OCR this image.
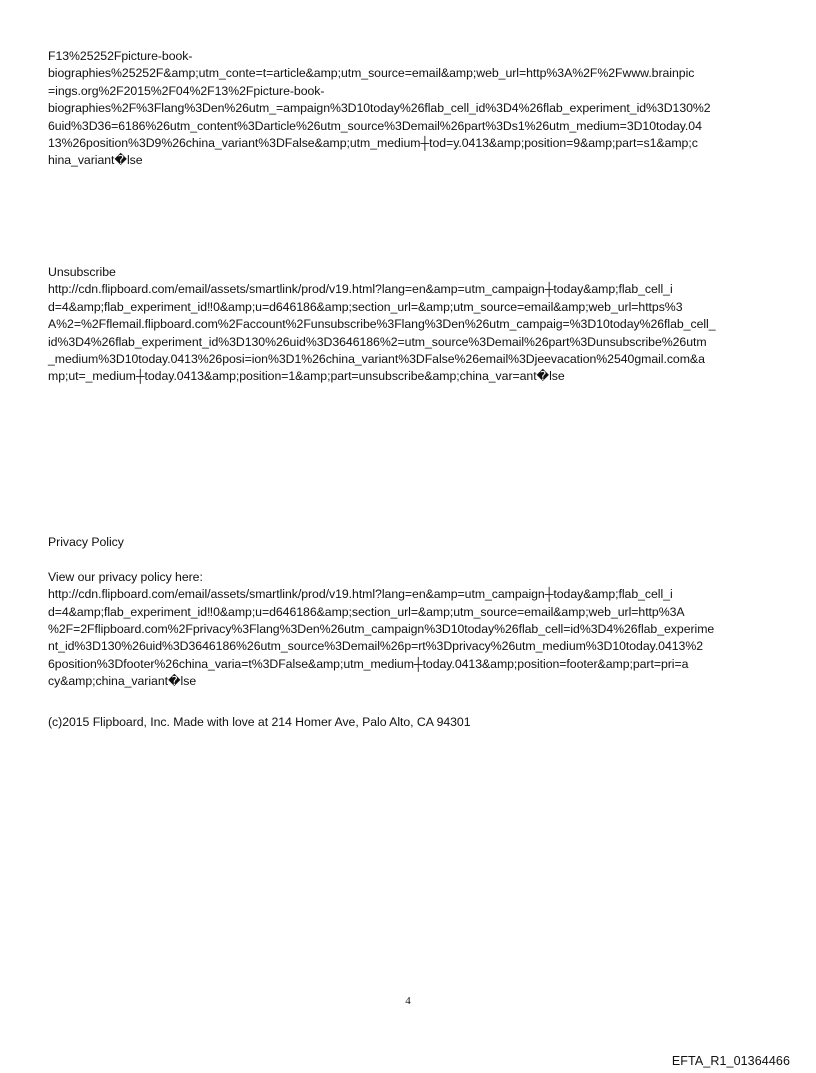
F13%25252Fpicture-book-
biographies%25252F&amp;utm_conte=t=article&amp;utm_source=email&amp;web_url=http%3A%2F%2Fwww.brainpic
=ings.org%2F2015%2F04%2F13%2Fpicture-book-
biographies%2F%3Flang%3Den%26utm_=ampaign%3D10today%26flab_cell_id%3D4%26flab_experiment_id%3D130%2
6uid%3D36=6186%26utm_content%3Darticle%26utm_source%3Demail%26part%3Ds1%26utm_medium=3D10today.04
13%26position%3D9%26china_variant%3DFalse&amp;utm_medium┼tod=y.0413&amp;position=9&amp;part=s1&amp;c
hina_variant�lse
Unsubscribe
http://cdn.flipboard.com/email/assets/smartlink/prod/v19.html?lang=en&amp=utm_campaign┼today&amp;flab_cell_i
d=4&amp;flab_experiment_id‼0&amp;u=d646186&amp;section_url=&amp;utm_source=email&amp;web_url=https%3
A%2=%2Fflemail.flipboard.com%2Faccount%2Funsubscribe%3Flang%3Den%26utm_campaig=%3D10today%26flab_cell_
id%3D4%26flab_experiment_id%3D130%26uid%3D3646186%2=utm_source%3Demail%26part%3Dunsubscribe%26utm
_medium%3D10today.0413%26posi=ion%3D1%26china_variant%3DFalse%26email%3Djeevacation%2540gmail.com&a
mp;ut=_medium┼today.0413&amp;position=1&amp;part=unsubscribe&amp;china_var=ant�lse
Privacy Policy
View our privacy policy here:
http://cdn.flipboard.com/email/assets/smartlink/prod/v19.html?lang=en&amp=utm_campaign┼today&amp;flab_cell_i
d=4&amp;flab_experiment_id‼0&amp;u=d646186&amp;section_url=&amp;utm_source=email&amp;web_url=http%3A
%2F=2Fflipboard.com%2Fprivacy%3Flang%3Den%26utm_campaign%3D10today%26flab_cell=id%3D4%26flab_experime
nt_id%3D130%26uid%3D3646186%26utm_source%3Demail%26p=rt%3Dprivacy%26utm_medium%3D10today.0413%2
6position%3Dfooter%26china_varia=t%3DFalse&amp;utm_medium┼today.0413&amp;position=footer&amp;part=pri=a
cy&amp;china_variant�lse
(c)2015 Flipboard, Inc. Made with love at 214 Homer Ave, Palo Alto, CA 94301
4
EFTA_R1_01364466
